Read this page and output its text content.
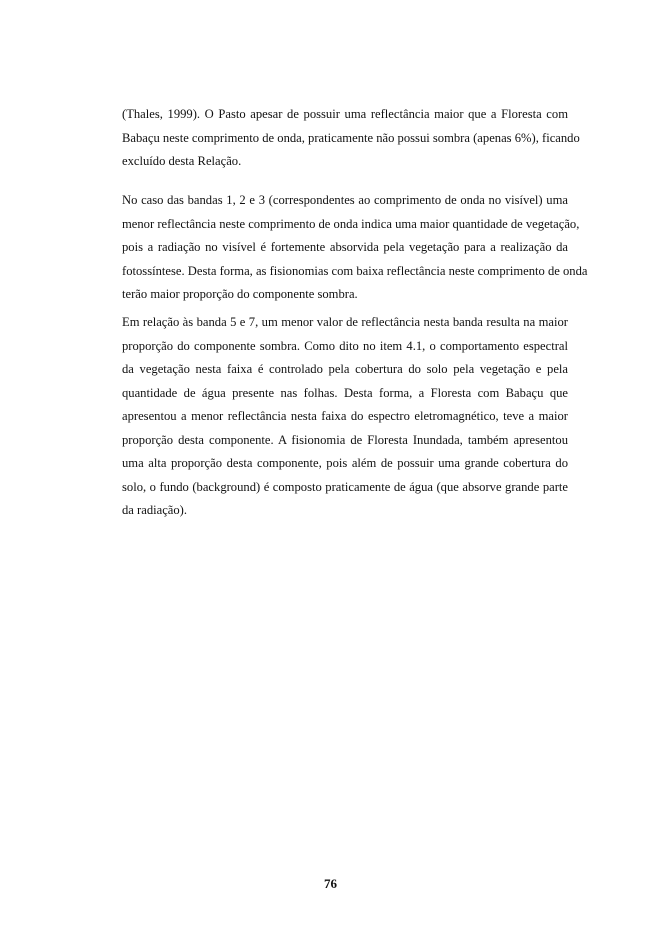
(Thales, 1999). O Pasto apesar de possuir uma reflectância maior que a Floresta com
Babaçu neste comprimento de onda, praticamente não possui sombra (apenas 6%), ficando
excluído desta Relação.
No caso das bandas 1, 2 e 3 (correspondentes ao comprimento de onda no visível) uma
menor reflectância neste comprimento de onda indica uma maior quantidade de vegetação,
pois a radiação no visível é fortemente absorvida pela vegetação para a realização da
fotossíntese. Desta forma, as fisionomias com baixa reflectância neste comprimento de onda
terão maior proporção do componente sombra.
Em relação às banda 5 e 7, um menor valor de reflectância nesta banda resulta na maior
proporção do componente sombra. Como dito no item 4.1, o comportamento espectral
da vegetação nesta faixa é controlado pela cobertura do solo pela vegetação e pela
quantidade de água presente nas folhas. Desta forma, a Floresta com Babaçu que
apresentou a menor reflectância nesta faixa do espectro eletromagnético, teve a maior
proporção desta componente. A fisionomia de Floresta Inundada, também apresentou
uma alta proporção desta componente, pois além de possuir uma grande cobertura do
solo, o fundo (background) é composto praticamente de água (que absorve grande parte
da radiação).
76
